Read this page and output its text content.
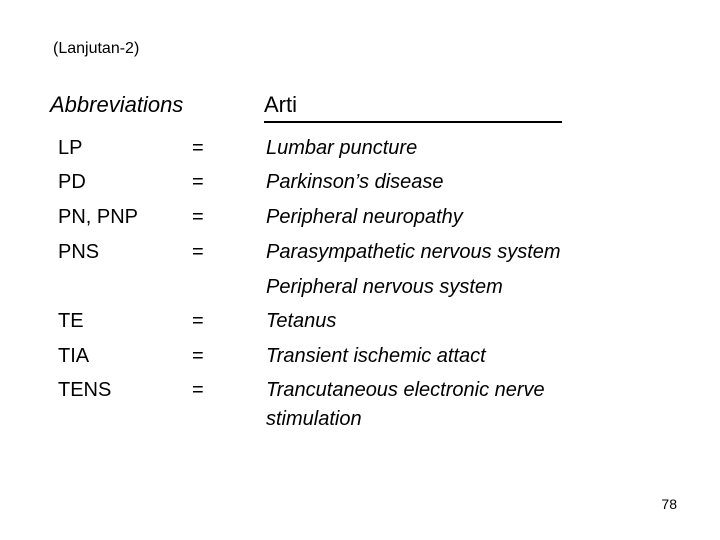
(Lanjutan-2)
Abbreviations	Arti
LP	=	Lumbar puncture
PD	=	Parkinson’s disease
PN, PNP	=	Peripheral neuropathy
PNS	=	Parasympathetic nervous system
Peripheral nervous system
TE	=	Tetanus
TIA	=	Transient ischemic attact
TENS	=	Trancutaneous electronic nerve
stimulation
78
